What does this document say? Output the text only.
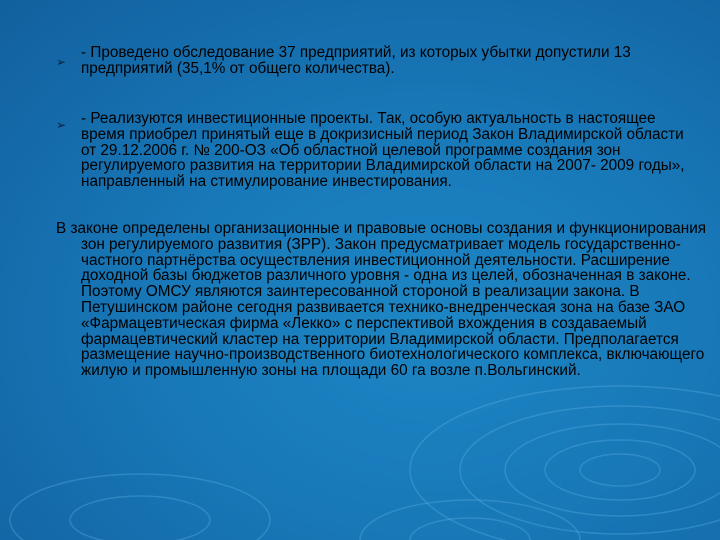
➢

- Проведено обследование 37 предприятий, из которых убытки допустили 13 предприятий (35,1% от общего количества).

➢ - Реализуются инвестиционные проекты. Так, особую актуальность в настоящее время приобрел принятый еще в докризисный период Закон Владимирской области от 29.12.2006 г. № 200-ОЗ «Об областной целевой программе создания зон регулируемого развития на территории Владимирской области на 2007- 2009 годы», направленный на стимулирование инвестирования.

В законе определены организационные и правовые основы создания и функционирования зон регулируемого развития (ЗРР). Закон предусматривает модель государственно-частного партнёрства осуществления инвестиционной деятельности. Расширение доходной базы бюджетов различного уровня - одна из целей, обозначенная в законе. Поэтому ОМСУ являются заинтересованной стороной в реализации закона. В Петушинском районе сегодня развивается технико-внедренческая зона на базе ЗАО «Фармацевтическая фирма «Лекко» с перспективой вхождения в создаваемый фармацевтический кластер на территории Владимирской области. Предполагается размещение научно-производственного биотехнологического комплекса, включающего жилую и промышленную зоны на площади 60 га возле п.Вольгинский.
